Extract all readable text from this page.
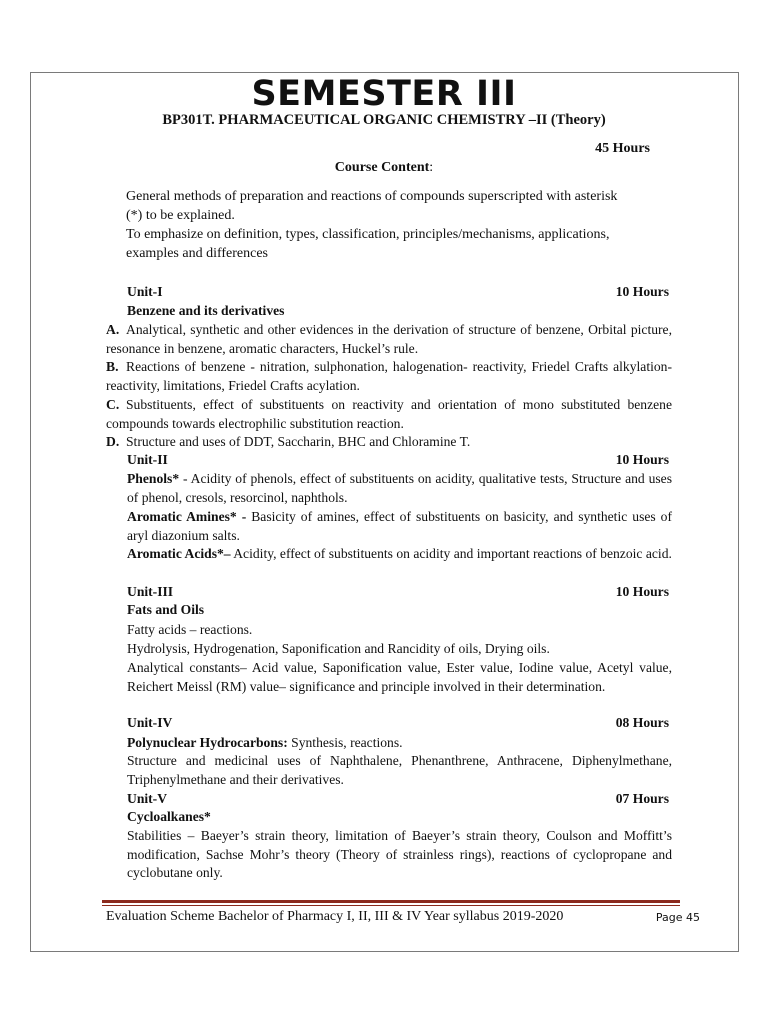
SEMESTER III
BP301T. PHARMACEUTICAL ORGANIC CHEMISTRY –II (Theory)
45 Hours
Course Content:

General methods of preparation and reactions of compounds superscripted with asterisk

(*) to be explained.

To emphasize on definition, types, classification, principles/mechanisms, applications,

examples and differences

Unit-I	10 Hours
Benzene and its derivatives
A. Analytical, synthetic and other evidences in the derivation of structure of benzene, Orbital picture, resonance in benzene, aromatic characters, Huckel’s rule.
B. Reactions of benzene - nitration, sulphonation, halogenation- reactivity, Friedel Crafts alkylation-reactivity, limitations, Friedel Crafts acylation.
C. Substituents, effect of substituents on reactivity and orientation of mono substituted benzene compounds towards electrophilic substitution reaction.
D. Structure and uses of DDT, Saccharin, BHC and Chloramine T.
Unit-II	10 Hours
Phenols* - Acidity of phenols, effect of substituents on acidity, qualitative tests, Structure and uses of phenol, cresols, resorcinol, naphthols.
Aromatic Amines* - Basicity of amines, effect of substituents on basicity, and synthetic uses of aryl diazonium salts.
Aromatic Acids*– Acidity, effect of substituents on acidity and important reactions of benzoic acid.
Unit-III	10 Hours
Fats and Oils
Fatty acids – reactions.
Hydrolysis, Hydrogenation, Saponification and Rancidity of oils, Drying oils.
Analytical constants– Acid value, Saponification value, Ester value, Iodine value, Acetyl value, Reichert Meissl (RM) value– significance and principle involved in their determination.
Unit-IV	08 Hours
Polynuclear Hydrocarbons: Synthesis, reactions.
Structure and medicinal uses of Naphthalene, Phenanthrene, Anthracene, Diphenylmethane, Triphenylmethane and their derivatives.
Unit-V	07 Hours
Cycloalkanes*
Stabilities – Baeyer’s strain theory, limitation of Baeyer’s strain theory, Coulson and Moffitt’s modification, Sachse Mohr’s theory (Theory of strainless rings), reactions of cyclopropane and cyclobutane only.
Evaluation Scheme Bachelor of Pharmacy I, II, III & IV Year syllabus 2019-2020	Page 45
